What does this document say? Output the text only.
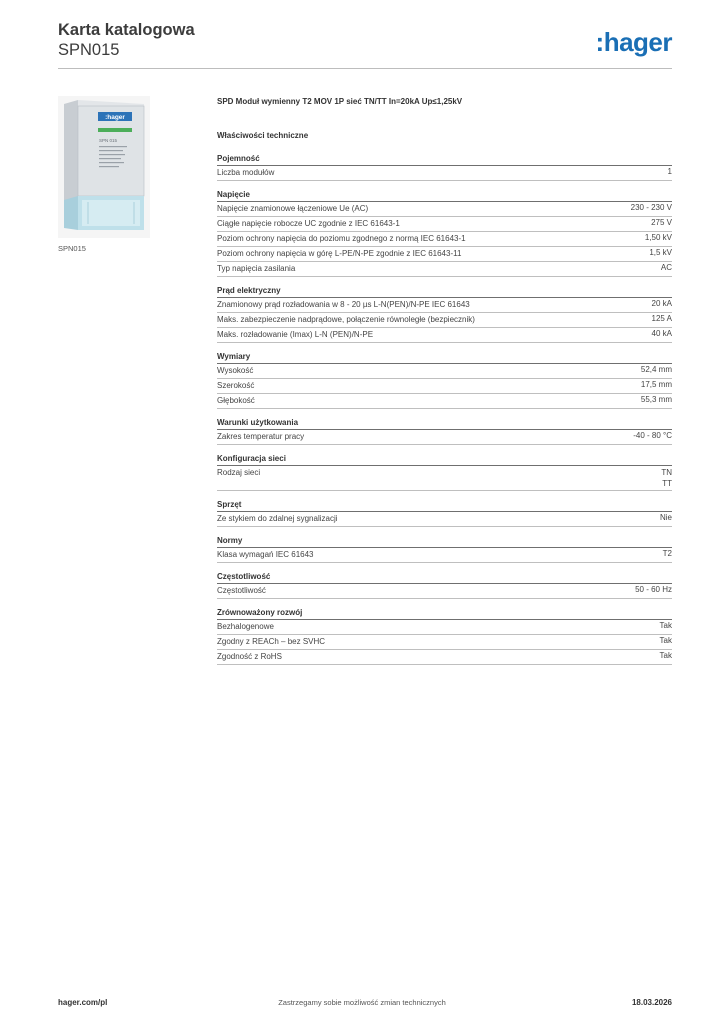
Karta katalogowa
SPN015	:hager
:hager
SPN 015
SPN015
SPD Moduł wymienny T2 MOV 1P sieć TN/TT In=20kA Up≤1,25kV
Właściwości techniczne
Pojemność
Liczba modułów	1
Napięcie
Napięcie znamionowe łączeniowe Ue (AC)	230 - 230 V
Ciągłe napięcie robocze UC zgodnie z IEC 61643-1	275 V
Poziom ochrony napięcia do poziomu zgodnego z normą IEC 61643-1	1,50 kV
Poziom ochrony napięcia w górę L-PE/N-PE zgodnie z IEC 61643-11	1,5 kV
Typ napięcia zasilania	AC
Prąd elektryczny
Znamionowy prąd rozładowania w 8 - 20 µs L-N(PEN)/N-PE IEC 61643	20 kA
Maks. zabezpieczenie nadprądowe, połączenie równoległe (bezpiecznik)	125 A
Maks. rozładowanie (Imax) L-N (PEN)/N-PE	40 kA
Wymiary
Wysokość	52,4 mm
Szerokość	17,5 mm
Głębokość	55,3 mm
Warunki użytkowania
Zakres temperatur pracy	-40 - 80 °C
Konfiguracja sieci
Rodzaj sieci	TN
TT
Sprzęt
Ze stykiem do zdalnej sygnalizacji	Nie
Normy
Klasa wymagań IEC 61643	T2
Częstotliwość
Częstotliwość	50 - 60 Hz
Zrównoważony rozwój
Bezhalogenowe	Tak
Zgodny z REACh – bez SVHC	Tak
Zgodność z RoHS	Tak
hager.com/pl	Zastrzegamy sobie możliwość zmian technicznych	18.03.2026
